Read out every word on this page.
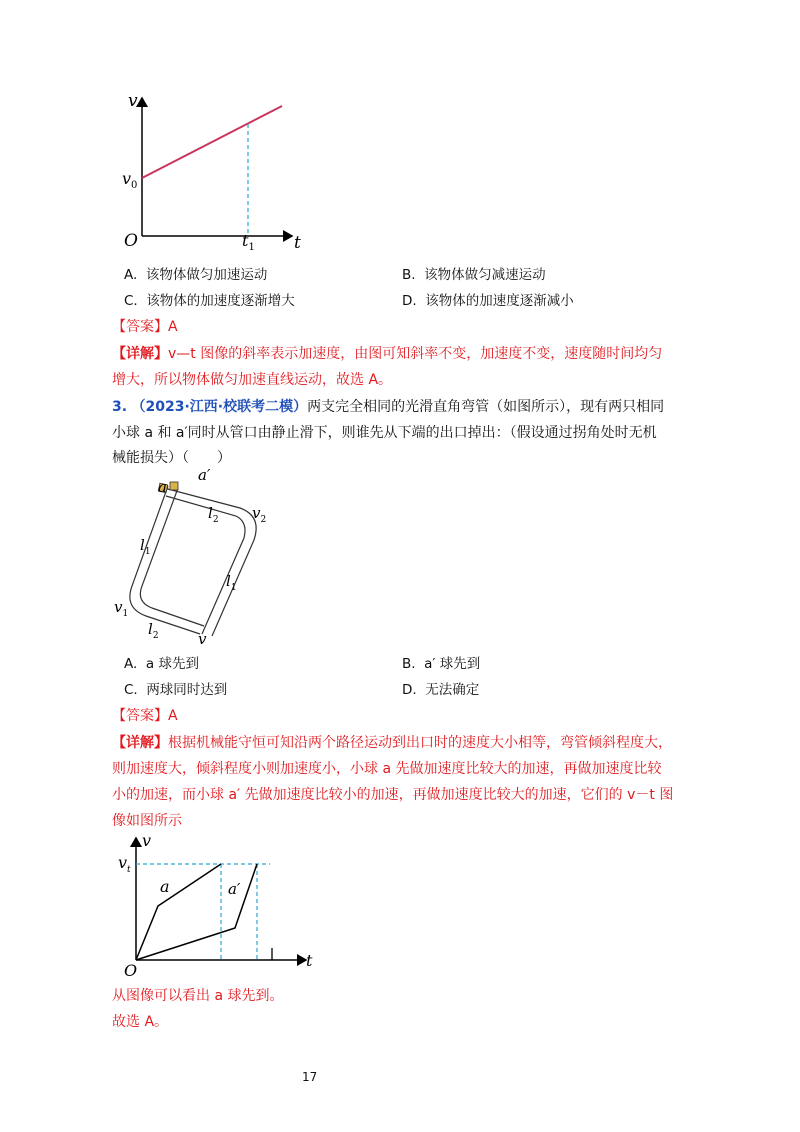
v
$v_0$
O	t
$t_1$
A. 该物体做匀加速运动	B. 该物体做匀减速运动
C. 该物体的加速度逐渐增大	D. 该物体的加速度逐渐减小
【答案】A
【详解】v—t 图像的斜率表示加速度，由图可知斜率不变，加速度不变，速度随时间均匀
增大，所以物体做匀加速直线运动，故选 A。
3. （2023·江西·校联考二模）两支完全相同的光滑直角弯管（如图所示），现有两只相同
小球 a 和 a′同时从管口由静止滑下，则谁先从下端的出口掉出：（假设通过拐角处时无机
械能损失）（　　）
a
a′
$l_2$ $v_2$
$l_1$
$l_1$
$v_1$
$l_2$	v
A. a 球先到	B. a′ 球先到
C. 两球同时达到	D. 无法确定
【答案】A
【详解】根据机械能守恒可知沿两个路径运动到出口时的速度大小相等，弯管倾斜程度大，
则加速度大，倾斜程度小则加速度小，小球 a 先做加速度比较大的加速，再做加速度比较
小的加速，而小球 a′ 先做加速度比较小的加速，再做加速度比较大的加速，它们的 v－t 图
像如图所示
v
$v_t$
a	a′
O
t
从图像可以看出 a 球先到。
故选 A。
17
